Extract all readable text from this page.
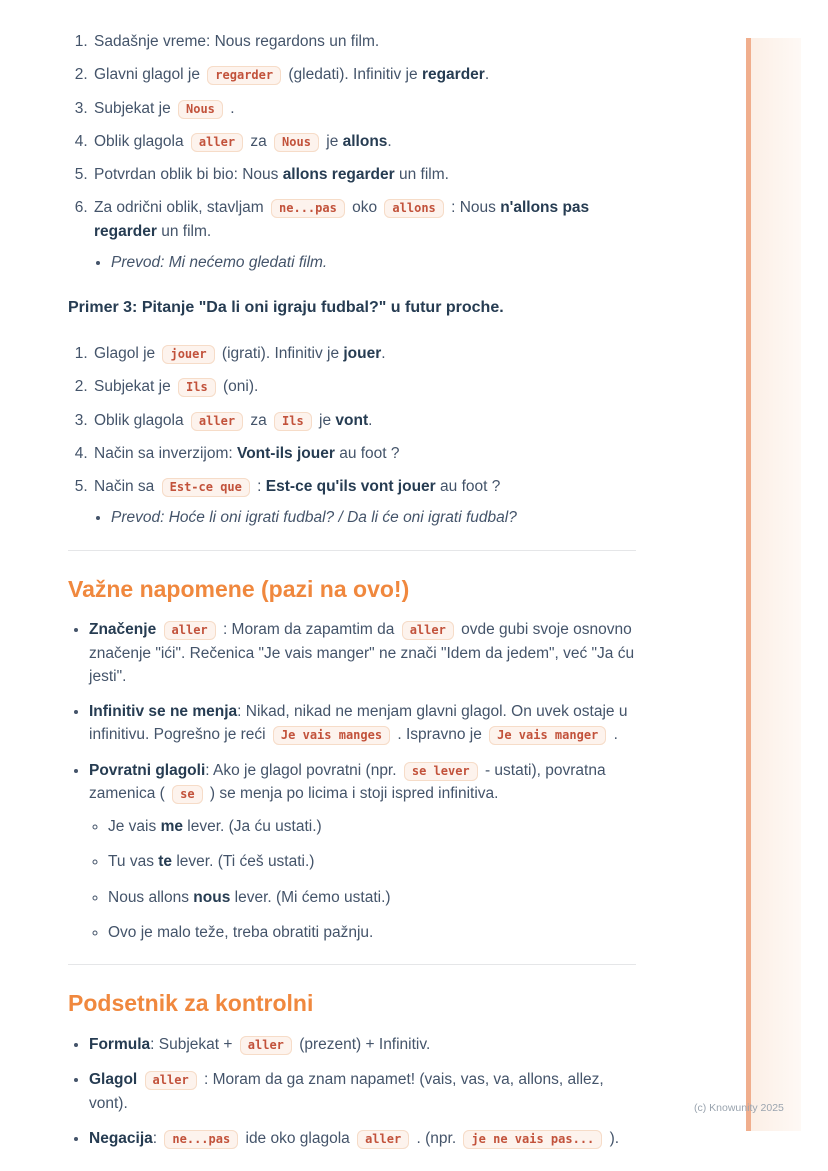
1. Sadašnje vreme: Nous regardons un film.
2. Glavni glagol je regarder (gledati). Infinitiv je regarder.
3. Subjekat je Nous .
4. Oblik glagola aller za Nous je allons.
5. Potvrdan oblik bi bio: Nous allons regarder un film.
6. Za odrični oblik, stavljam ne...pas oko allons : Nous n'allons pas regarder un film.
• Prevod: Mi nećemo gledati film.

Primer 3: Pitanje "Da li oni igraju fudbal?" u futur proche.

1. Glagol je jouer (igrati). Infinitiv je jouer.
2. Subjekat je Ils (oni).
3. Oblik glagola aller za Ils je vont.
4. Način sa inverzijom: Vont-ils jouer au foot ?
5. Način sa Est-ce que : Est-ce qu'ils vont jouer au foot ?
• Prevod: Hoće li oni igrati fudbal? / Da li će oni igrati fudbal?
Važne napomene (pazi na ovo!)
• Značenje aller : Moram da zapamtim da aller ovde gubi svoje osnovno značenje "ići". Rečenica "Je vais manger" ne znači "Idem da jedem", već "Ja ću jesti".
• Infinitiv se ne menja: Nikad, nikad ne menjam glavni glagol. On uvek ostaje u infinitivu. Pogrešno je reći Je vais manges . Ispravno je Je vais manger .
• Povratni glagoli: Ako je glagol povratni (npr. se lever - ustati), povratna zamenica ( se ) se menja po licima i stoji ispred infinitiva.
◦ Je vais me lever. (Ja ću ustati.)
◦ Tu vas te lever. (Ti ćeš ustati.)
◦ Nous allons nous lever. (Mi ćemo ustati.)
◦ Ovo je malo teže, treba obratiti pažnju.
Podsetnik za kontrolni
• Formula: Subjekat + aller (prezent) + Infinitiv.
• Glagol aller : Moram da ga znam napamet! (vais, vas, va, allons, allez, vont).
• Negacija: ne...pas ide oko glagola aller . (npr. je ne vais pas... ).
(c) Knowunity 2025
